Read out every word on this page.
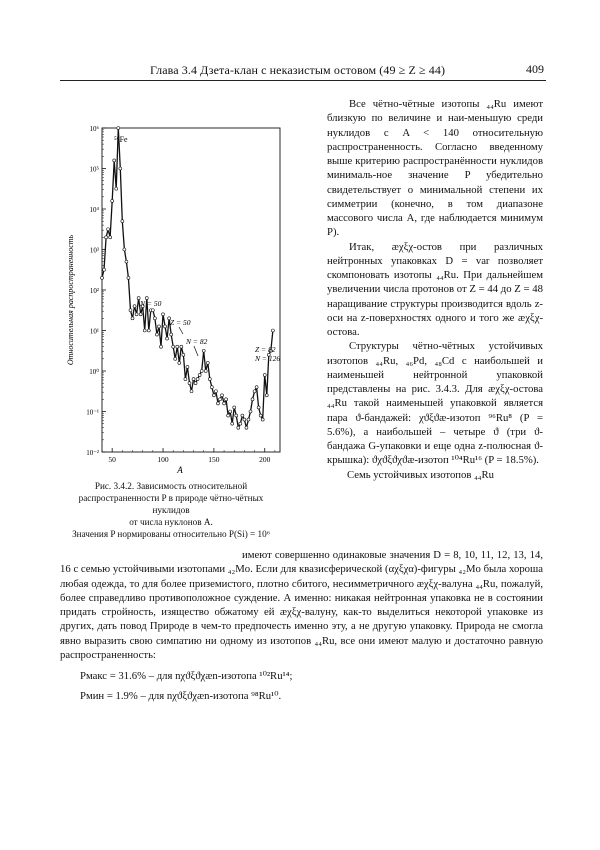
Глава 3.4 Дзета-клан с неказистым остовом (49 ≥ Z ≥ 44)	409
10⁶
10⁵
10⁴
10³
10²
10¹
10⁰
10⁻¹
10⁻²
50	100	150	200
Относительная распространенность
A
⁵⁶Fe
N = 50
Z = 50
N = 82
Z = 82
N = 126
Рис. 3.4.2. Зависимость относительной
распространенности P в природе чётно-чётных нуклидов
от числа нуклонов A.
Значения P нормированы относительно P(Si) = 10⁶

Все чётно-чётные изотопы ₄₄Ru имеют близкую по величине и наи-меньшую среди нуклидов с A < 140 относительную распространенность. Согласно введенному выше критерию распространённости нуклидов минималь-ное значение P убедительно свидетельствует о минимальной степени их симметрии (конечно, в том диапазоне массового числа A, где наблюдается минимум P).

Итак, æχξχ-остов при различных нейтронных упаковках D = var позволяет скомпоновать изотопы ₄₄Ru. При дальнейшем увеличении числа протонов от Z = 44 до Z = 48 наращивание структуры производится вдоль z-оси на z-поверхностях одного и того же æχξχ-остова.

Структуры чётно-чётных устойчивых изотопов ₄₄Ru, ₄₆Pd, ₄₈Cd с наибольшей и наименьшей нейтронной упаковкой представлены на рис. 3.4.3. Для æχξχ-остова ₄₄Ru такой наименьшей упаковкой является пара ϑ-бандажей: χϑξϑæ-изотоп ⁹⁶Ru⁸ (P = 5.6%), а наибольшей – четыре ϑ (три ϑ-бандажа G-упаковки и еще одна z-полюсная ϑ-крышка): ϑχϑξϑχϑæ-изотоп ¹⁰⁴Ru¹⁶ (P = 18.5%).

Семь устойчивых изотопов ₄₄Ru

имеют совершенно одинаковые значения D = 8, 10, 11, 12, 13, 14, 16 с семью устойчивыми изотопами ₄₂Mo. Если для квазисферической (αχξχα)-фигуры ₄₂Mo была хороша любая одежда, то для более приземистого, плотно сбитого, несимметричного æχξχ-валуна ₄₄Ru, пожалуй, более справедливо противоположное суждение. А именно: никакая нейтронная упаковка не в состоянии придать стройность, изящество обжатому ей æχξχ-валуну, как-то выделиться некоторой упаковке из других, дать повод Природе в чем-то предпочесть именно эту, а не другую упаковку. Природа не смогла явно выразить свою симпатию ни одному из изотопов ₄₄Ru, все они имеют малую и достаточно равную распространенность:

Pмакс = 31.6% – для nχϑξϑχæn-изотопа ¹⁰²Ru¹⁴;
Pмин = 1.9% – для nχϑξϑχæn-изотопа ⁹⁸Ru¹⁰.
